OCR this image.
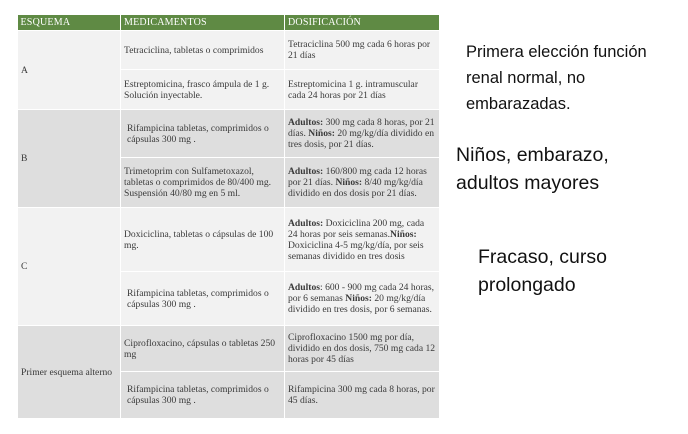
ESQUEMA	MEDICAMENTOS	DOSIFICACIÓN
A	Tetraciclina, tabletas o comprimidos	Tetraciclina 500 mg cada 6 horas por 21 días
	Estreptomicina, frasco ámpula de 1 g. Solución inyectable.	Estreptomicina 1 g. intramuscular cada 24 horas por 21 días
B	Rifampicina tabletas, comprimidos o cápsulas 300 mg .	Adultos: 300 mg cada 8 horas, por 21 días. Niños: 20 mg/kg/día dividido en tres dosis, por 21 días.
	Trimetoprim con Sulfametoxazol, tabletas o comprimidos de 80/400 mg. Suspensión 40/80 mg en 5 ml.	Adultos: 160/800 mg cada 12 horas por 21 días. Niños: 8/40 mg/kg/día dividido en dos dosis por 21 días.
C	Doxiciclina, tabletas o cápsulas de 100 mg.	Adultos: Doxiciclina 200 mg, cada 24 horas por seis semanas.Niños: Doxiciclina 4-5 mg/kg/día, por seis semanas dividido en tres dosis
	Rifampicina tabletas, comprimidos o cápsulas 300 mg .	Adultos: 600 - 900 mg cada 24 horas, por 6 semanas Niños: 20 mg/kg/día dividido en tres dosis, por 6 semanas.
Primer esquema alterno	Ciprofloxacino, cápsulas o tabletas 250 mg	Ciprofloxacino 1500 mg por día, dividido en dos dosis, 750 mg cada 12 horas por 45 días
	Rifampicina tabletas, comprimidos o cápsulas 300 mg .	Rifampicina 300 mg cada 8 horas, por 45 días.
Primera elección función
renal normal, no
embarazadas.
Niños, embarazo,
adultos mayores
Fracaso, curso
prolongado
